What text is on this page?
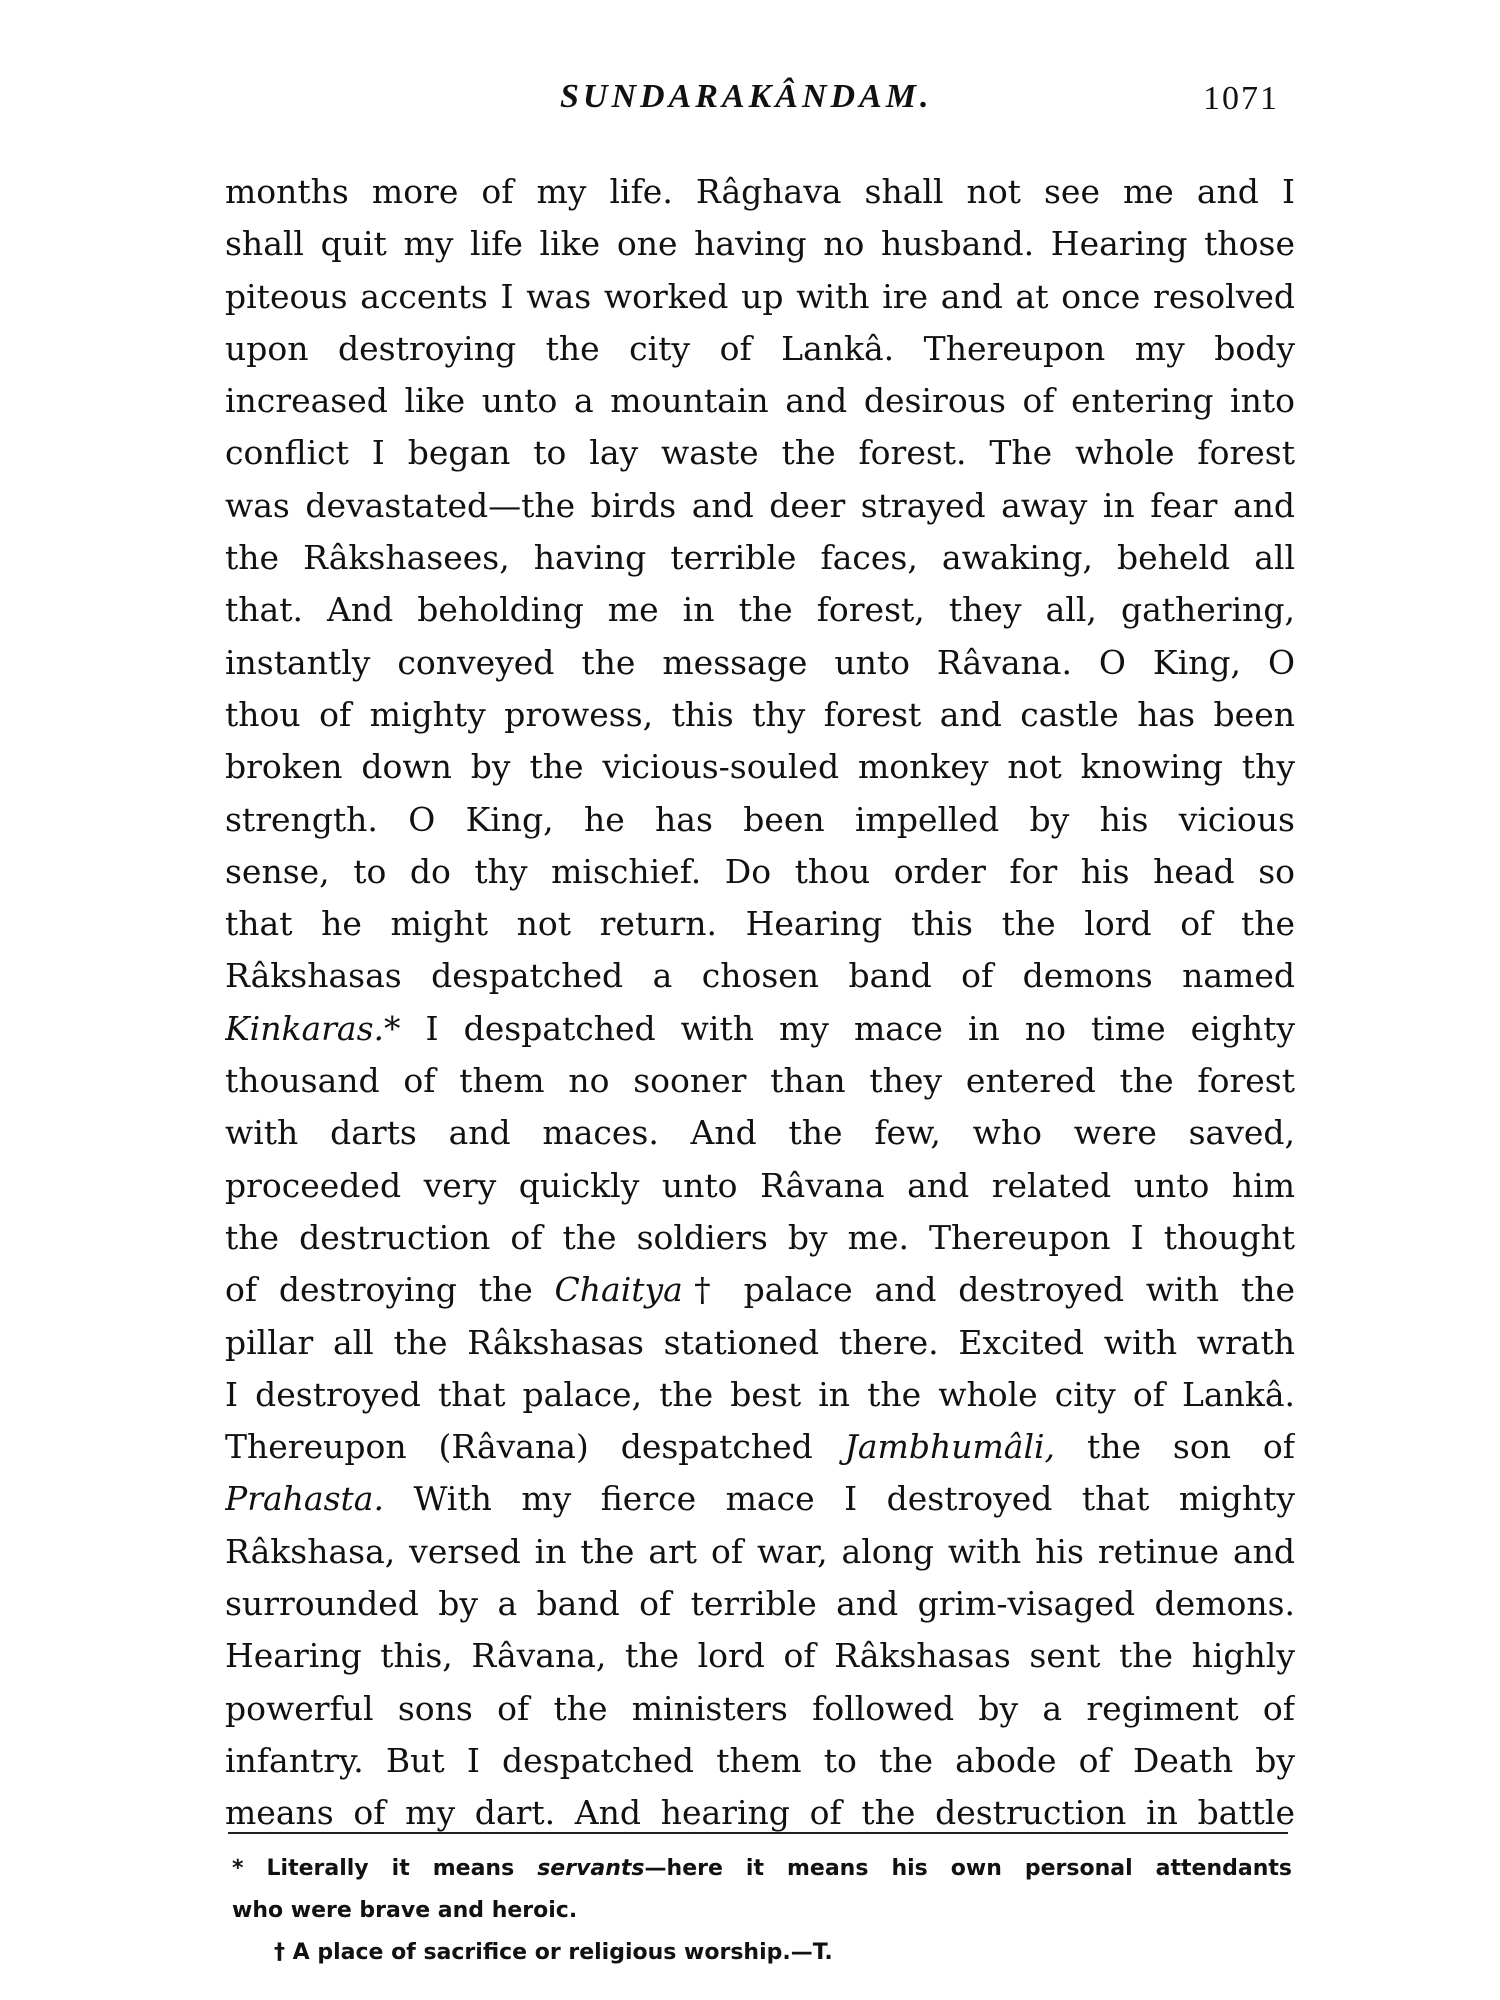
SUNDARAKÂNDAM.	1071
months more of my life. Râghava shall not see me and I
shall quit my life like one having no husband. Hearing those
piteous accents I was worked up with ire and at once resolved
upon destroying the city of Lankâ. Thereupon my body
increased like unto a mountain and desirous of entering into
conflict I began to lay waste the forest. The whole forest
was devastated—the birds and deer strayed away in fear and
the Râkshasees, having terrible faces, awaking, beheld all
that. And beholding me in the forest, they all, gathering,
instantly conveyed the message unto Râvana. O King, O
thou of mighty prowess, this thy forest and castle has been
broken down by the vicious-souled monkey not knowing thy
strength. O King, he has been impelled by his vicious
sense, to do thy mischief. Do thou order for his head so
that he might not return. Hearing this the lord of the
Râkshasas despatched a chosen band of demons named
Kinkaras.* I despatched with my mace in no time eighty
thousand of them no sooner than they entered the forest
with darts and maces. And the few, who were saved,
proceeded very quickly unto Râvana and related unto him
the destruction of the soldiers by me. Thereupon I thought
of destroying the Chaitya† palace and destroyed with the
pillar all the Râkshasas stationed there. Excited with wrath
I destroyed that palace, the best in the whole city of Lankâ.
Thereupon (Râvana) despatched Jambhumâli, the son of
Prahasta. With my fierce mace I destroyed that mighty
Râkshasa, versed in the art of war, along with his retinue and
surrounded by a band of terrible and grim-visaged demons.
Hearing this, Râvana, the lord of Râkshasas sent the highly
powerful sons of the ministers followed by a regiment of
infantry. But I despatched them to the abode of Death by
means of my dart. And hearing of the destruction in battle
* Literally it means servants—here it means his own personal attendants
who were brave and heroic.
† A place of sacrifice or religious worship.—T.
